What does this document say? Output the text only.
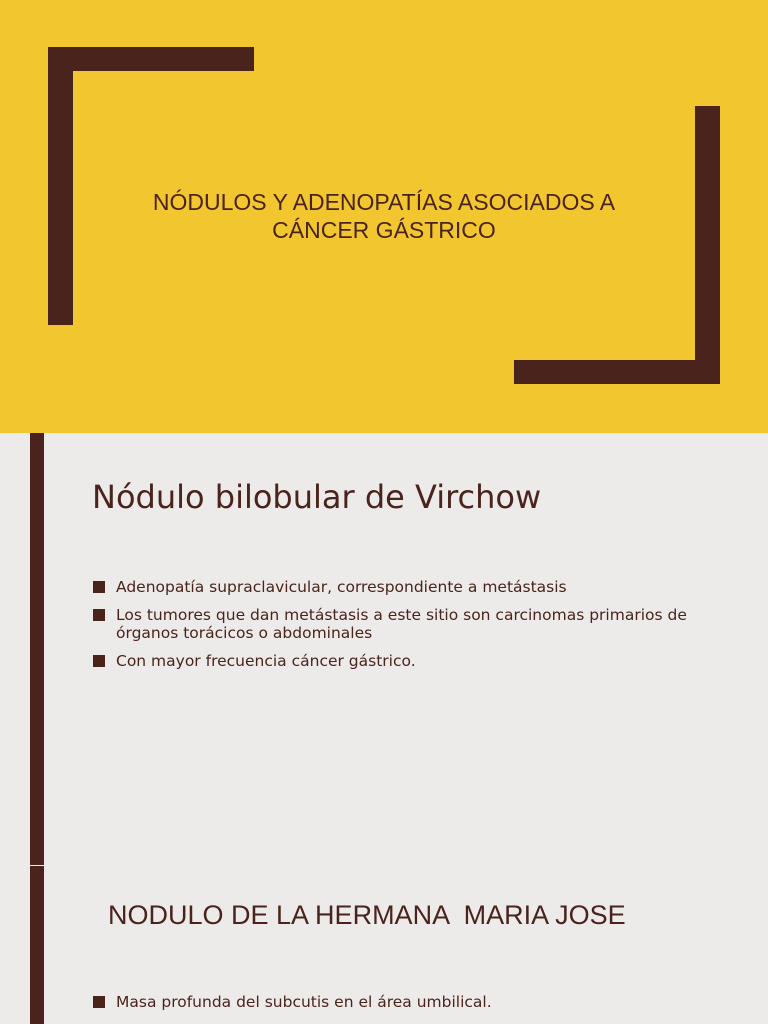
NÓDULOS Y ADENOPATÍAS ASOCIADOS A
CÁNCER GÁSTRICO
Nódulo bilobular de Virchow
Adenopatía supraclavicular, correspondiente a metástasis
Los tumores que dan metástasis a este sitio son carcinomas primarios de órganos torácicos o abdominales
Con mayor frecuencia cáncer gástrico.
NODULO DE LA HERMANA  MARIA JOSE
Masa profunda del subcutis en el área umbilical.
